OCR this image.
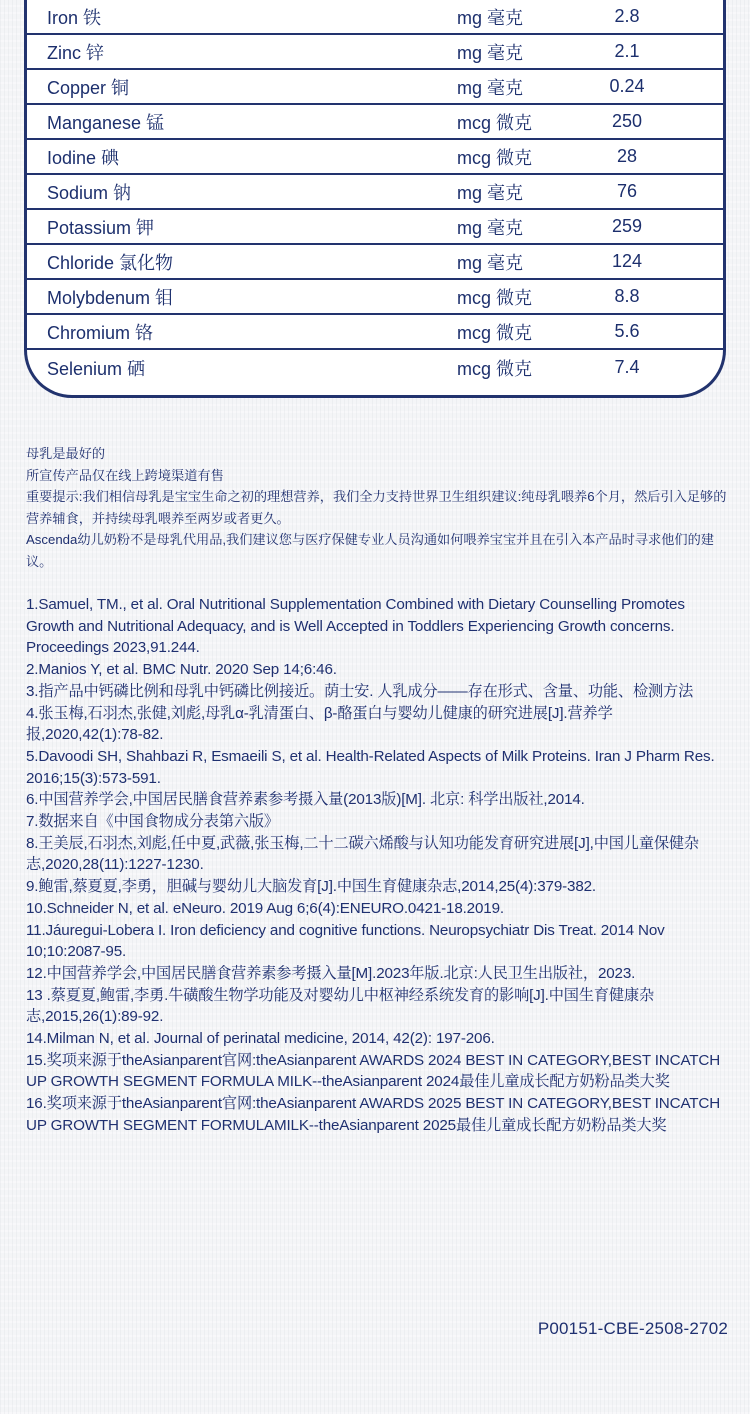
Iron 铁	mg 毫克	2.8
Zinc 锌	mg 毫克	2.1
Copper 铜	mg 毫克	0.24
Manganese 锰	mcg 微克	250
Iodine 碘	mcg 微克	28
Sodium 钠	mg 毫克	76
Potassium 钾	mg 毫克	259
Chloride 氯化物	mg 毫克	124
Molybdenum 钼	mcg 微克	8.8
Chromium 铬	mcg 微克	5.6
Selenium 硒	mcg 微克	7.4

母乳是最好的

所宣传产品仅在线上跨境渠道有售

重要提示:我们相信母乳是宝宝生命之初的理想营养，我们全力支持世界卫生组织建议:纯母乳喂养6个月，然后引入足够的营养辅食，并持续母乳喂养至两岁或者更久。

Ascenda幼儿奶粉不是母乳代用品,我们建议您与医疗保健专业人员沟通如何喂养宝宝并且在引入本产品时寻求他们的建议。

1.Samuel, TM., et al. Oral Nutritional Supplementation Combined with Dietary Counselling Promotes Growth and Nutritional Adequacy, and is Well Accepted in Toddlers Experiencing Growth concerns. Proceedings 2023,91.244.

2.Manios Y, et al. BMC Nutr. 2020 Sep 14;6:46.

3.指产品中钙磷比例和母乳中钙磷比例接近。荫士安. 人乳成分——存在形式、含量、功能、检测方法

4.张玉梅,石羽杰,张健,刘彪,母乳α-乳清蛋白、β-酪蛋白与婴幼儿健康的研究进展[J].营养学报,2020,42(1):78-82.

5.Davoodi SH, Shahbazi R, Esmaeili S, et al. Health-Related Aspects of Milk Proteins. Iran J Pharm Res. 2016;15(3):573-591.

6.中国营养学会,中国居民膳食营养素参考摄入量(2013版)[M]. 北京: 科学出版社,2014.

7.数据来自《中国食物成分表第六版》

8.王美辰,石羽杰,刘彪,任中夏,武薇,张玉梅,二十二碳六烯酸与认知功能发育研究进展[J],中国儿童保健杂志,2020,28(11):1227-1230.

9.鲍雷,蔡夏夏,李勇，胆碱与婴幼儿大脑发育[J].中国生育健康杂志,2014,25(4):379-382.

10.Schneider N, et al. eNeuro. 2019 Aug 6;6(4):ENEURO.0421-18.2019.

11.Jáuregui-Lobera I. Iron deficiency and cognitive functions. Neuropsychiatr Dis Treat. 2014 Nov 10;10:2087-95.

12.中国营养学会,中国居民膳食营养素参考摄入量[M].2023年版.北京:人民卫生出版社，2023.

13 .蔡夏夏,鲍雷,李勇.牛磺酸生物学功能及对婴幼儿中枢神经系统发育的影响[J].中国生育健康杂志,2015,26(1):89-92.

14.Milman N, et al. Journal of perinatal medicine, 2014, 42(2): 197-206.

15.奖项来源于theAsianparent官网:theAsianparent AWARDS 2024 BEST IN CATEGORY,BEST INCATCH UP GROWTH SEGMENT FORMULA MILK--theAsianparent 2024最佳儿童成长配方奶粉品类大奖

16.奖项来源于theAsianparent官网:theAsianparent AWARDS 2025 BEST IN CATEGORY,BEST INCATCH UP GROWTH SEGMENT FORMULAMILK--theAsianparent 2025最佳儿童成长配方奶粉品类大奖

P00151-CBE-2508-2702
